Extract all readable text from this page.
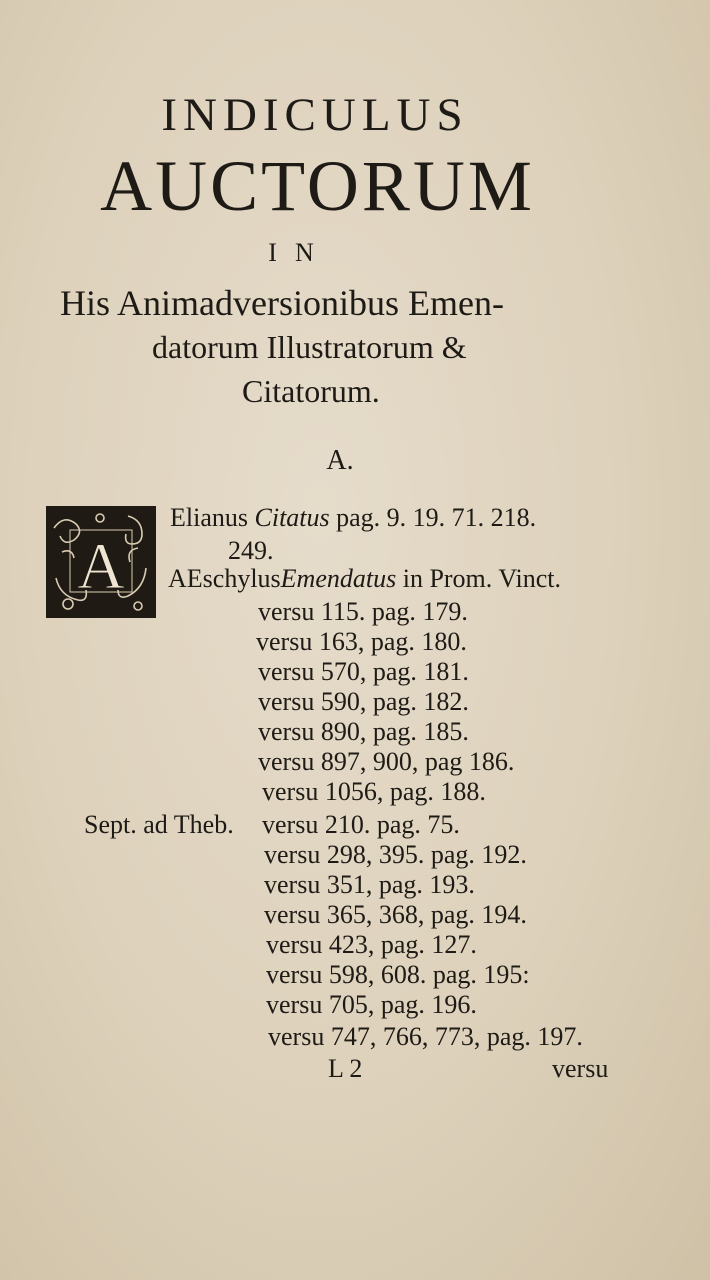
INDICULUS
AUCTORUM
IN
His Animadversionibus Emen-
datorum Illustratorum &
Citatorum.
A.
A
Elianus Citatus pag. 9. 19. 71. 218.
249.
AEschylusEmendatus in Prom. Vinct.
versu 115. pag. 179.
versu 163, pag. 180.
versu 570, pag. 181.
versu 590, pag. 182.
versu 890, pag. 185.
versu 897, 900, pag 186.
versu 1056, pag. 188.
Sept. ad Theb. versu 210. pag. 75.
versu 298, 395. pag. 192.
versu 351, pag. 193.
versu 365, 368, pag. 194.
versu 423, pag. 127.
versu 598, 608. pag. 195:
versu 705, pag. 196.
versu 747, 766, 773, pag. 197.
L 2	versu
